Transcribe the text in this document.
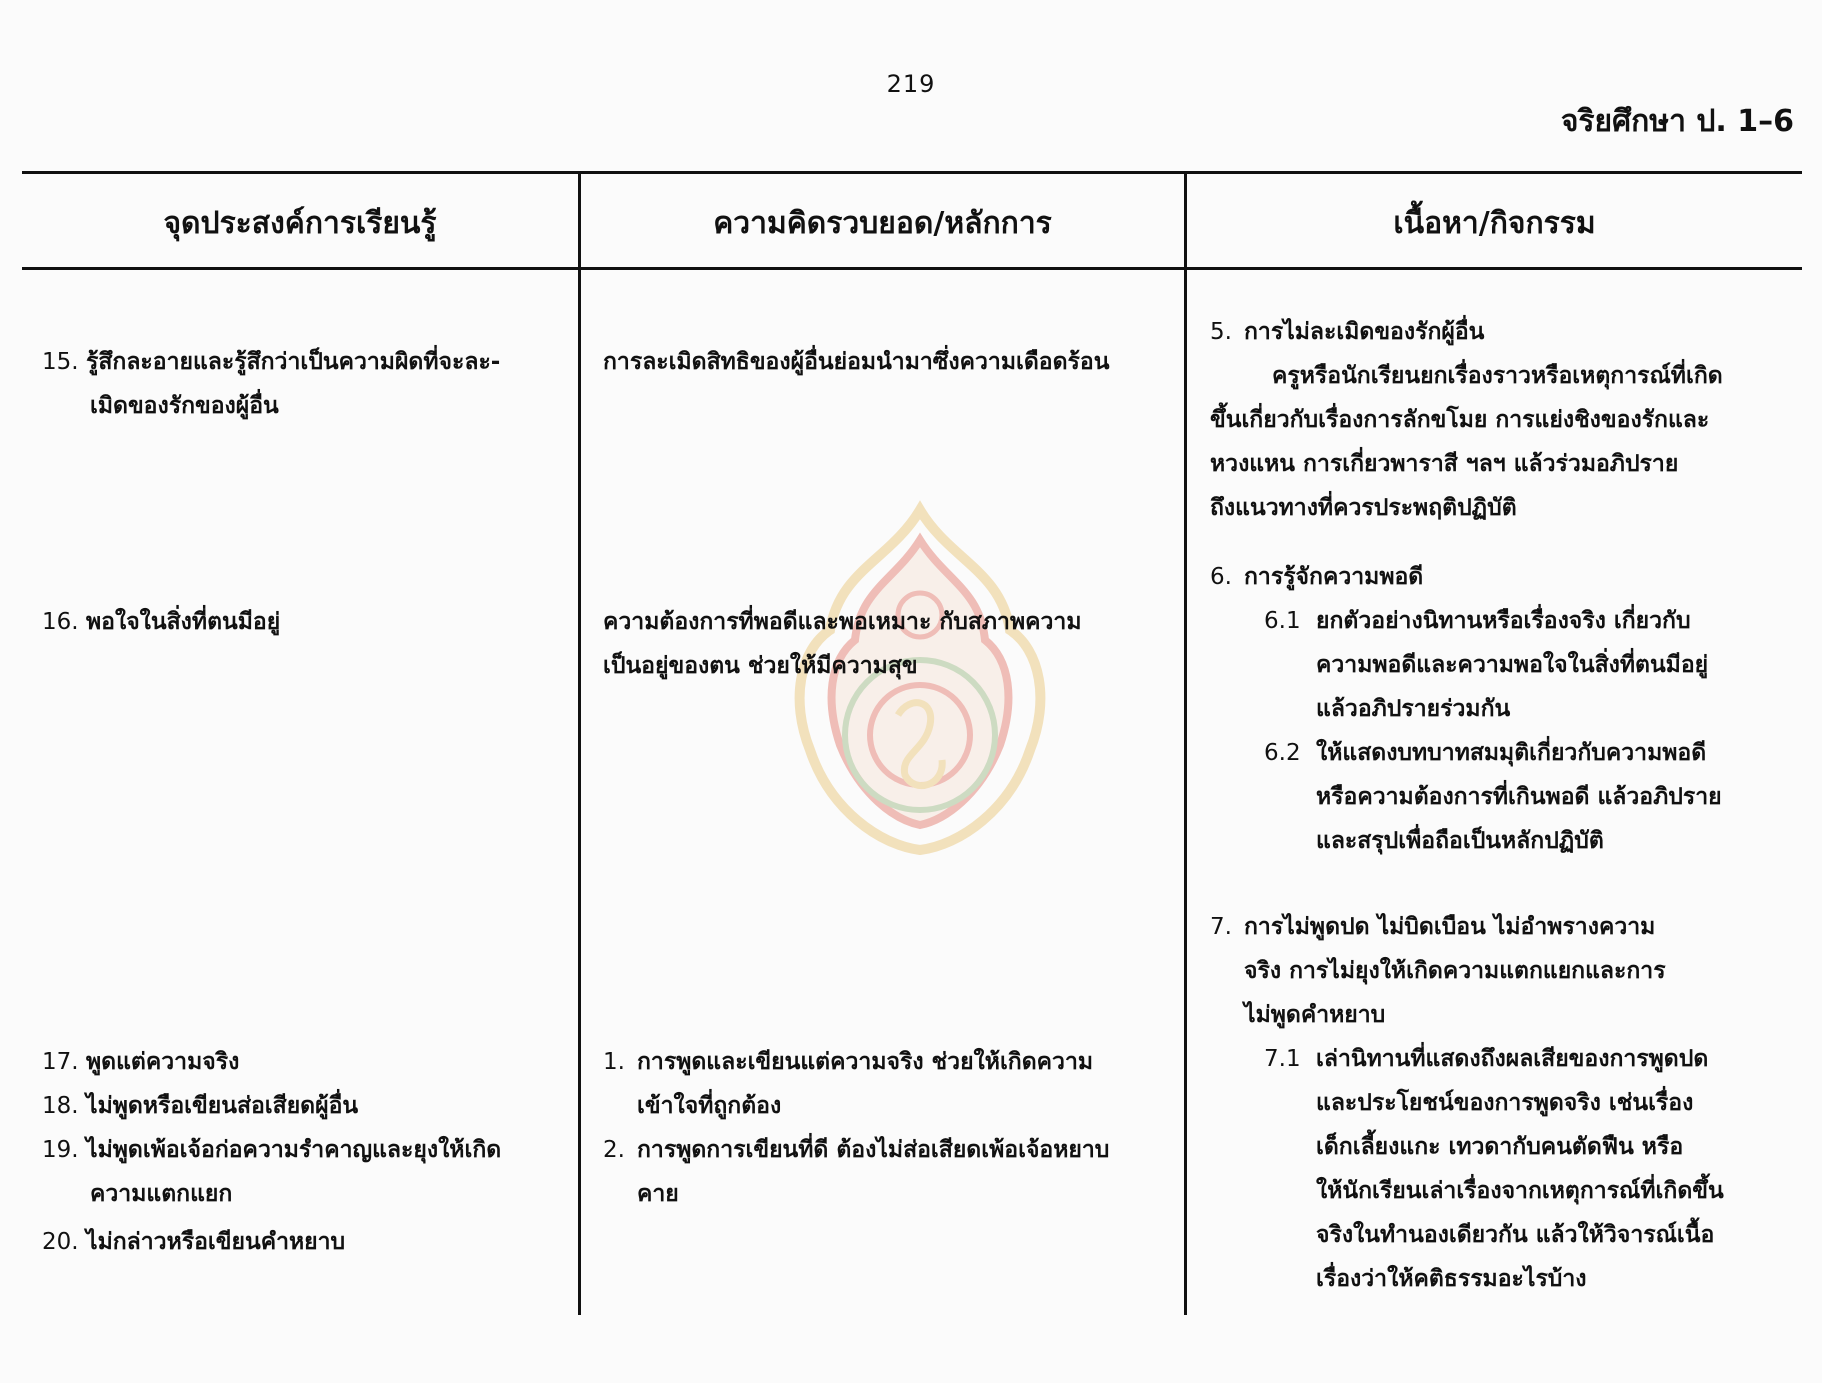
219
จริยศึกษา ป. 1–6
จุดประสงค์การเรียนรู้	ความคิดรวบยอด/หลักการ	เนื้อหา/กิจกรรม
15. รู้สึกละอายและรู้สึกว่าเป็นความผิดที่จะละ-
เมิดของรักของผู้อื่น
16. พอใจในสิ่งที่ตนมีอยู่
17. พูดแต่ความจริง
18. ไม่พูดหรือเขียนส่อเสียดผู้อื่น
19. ไม่พูดเพ้อเจ้อก่อความรำคาญและยุงให้เกิด
ความแตกแยก
20. ไม่กล่าวหรือเขียนคำหยาบ
การละเมิดสิทธิของผู้อื่นย่อมนำมาซึ่งความเดือดร้อน
ความต้องการที่พอดีและพอเหมาะ กับสภาพความ
เป็นอยู่ของตน ช่วยให้มีความสุข
1. การพูดและเขียนแต่ความจริง ช่วยให้เกิดความ
เข้าใจที่ถูกต้อง
2. การพูดการเขียนที่ดี ต้องไม่ส่อเสียดเพ้อเจ้อหยาบ
คาย
5. การไม่ละเมิดของรักผู้อื่น
ครูหรือนักเรียนยกเรื่องราวหรือเหตุการณ์ที่เกิด
ขึ้นเกี่ยวกับเรื่องการลักขโมย การแย่งชิงของรักและ
หวงแหน การเกี่ยวพาราสี ฯลฯ แล้วร่วมอภิปราย
ถึงแนวทางที่ควรประพฤติปฏิบัติ
6. การรู้จักความพอดี
6.1 ยกตัวอย่างนิทานหรือเรื่องจริง เกี่ยวกับ
ความพอดีและความพอใจในสิ่งที่ตนมีอยู่
แล้วอภิปรายร่วมกัน
6.2 ให้แสดงบทบาทสมมุติเกี่ยวกับความพอดี
หรือความต้องการที่เกินพอดี แล้วอภิปราย
และสรุปเพื่อถือเป็นหลักปฏิบัติ
7. การไม่พูดปด ไม่บิดเบือน ไม่อำพรางความ
จริง การไม่ยุงให้เกิดความแตกแยกและการ
ไม่พูดคำหยาบ
7.1 เล่านิทานที่แสดงถึงผลเสียของการพูดปด
และประโยชน์ของการพูดจริง เช่นเรื่อง
เด็กเลี้ยงแกะ เทวดากับคนตัดฟืน หรือ
ให้นักเรียนเล่าเรื่องจากเหตุการณ์ที่เกิดขึ้น
จริงในทำนองเดียวกัน แล้วให้วิจารณ์เนื้อ
เรื่องว่าให้คติธรรมอะไรบ้าง
